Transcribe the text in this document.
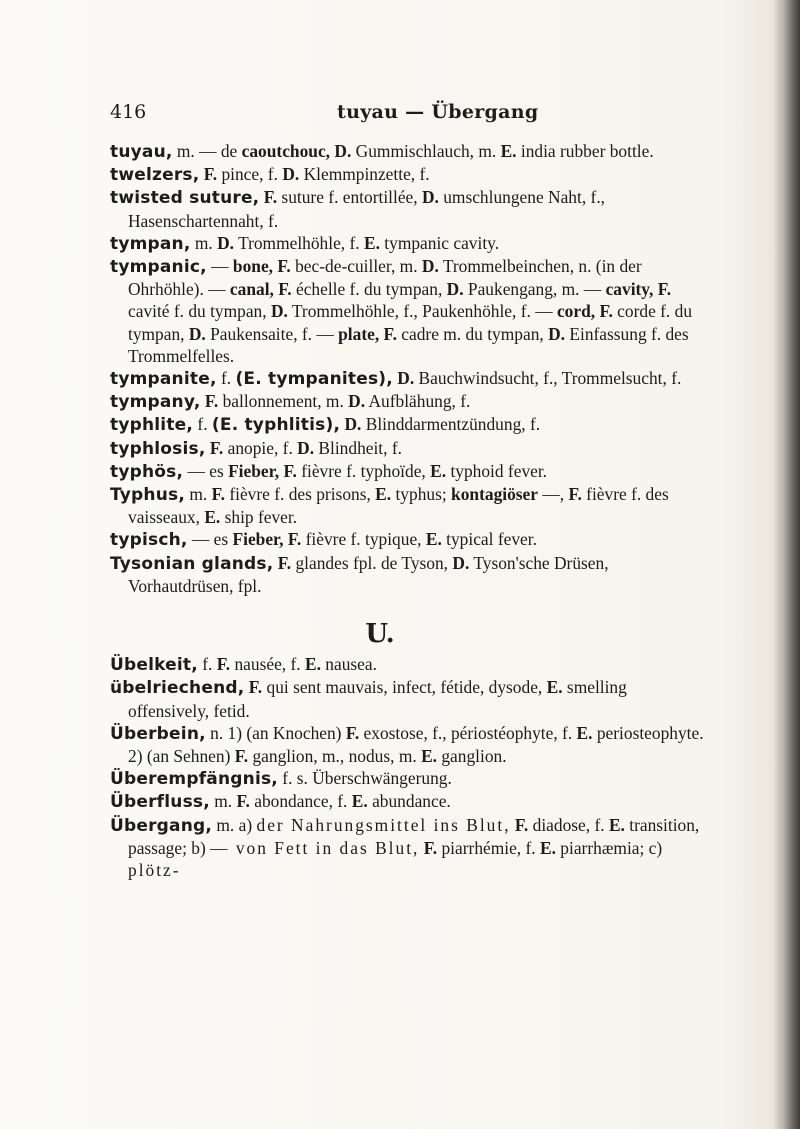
416	tuyau — Übergang
tuyau, m. — de caoutchouc, D. Gummischlauch, m. E. india rubber bottle.
twelzers, F. pince, f. D. Klemmpinzette, f.
twisted suture, F. suture f. entortillée, D. umschlungene Naht, f., Hasenschartennaht, f.
tympan, m. D. Trommelhöhle, f. E. tympanic cavity.
tympanic, — bone, F. bec-de-cuiller, m. D. Trommelbeinchen, n. (in der Ohrhöhle). — canal, F. échelle f. du tympan, D. Paukengang, m. — cavity, F. cavité f. du tympan, D. Trommelhöhle, f., Paukenhöhle, f. — cord, F. corde f. du tympan, D. Paukensaite, f. — plate, F. cadre m. du tympan, D. Einfassung f. des Trommelfelles.
tympanite, f. (E. tympanites), D. Bauchwindsucht, f., Trommelsucht, f.
tympany, F. ballonnement, m. D. Aufblähung, f.
typhlite, f. (E. typhlitis), D. Blinddarmentzündung, f.
typhlosis, F. anopie, f. D. Blindheit, f.
typhös, — es Fieber, F. fièvre f. typhoïde, E. typhoid fever.
Typhus, m. F. fièvre f. des prisons, E. typhus; kontagiöser —, F. fièvre f. des vaisseaux, E. ship fever.
typisch, — es Fieber, F. fièvre f. typique, E. typical fever.
Tysonian glands, F. glandes fpl. de Tyson, D. Tyson'sche Drüsen, Vorhautdrüsen, fpl.
U.
Übelkeit, f. F. nausée, f. E. nausea.
übelriechend, F. qui sent mauvais, infect, fétide, dysode, E. smelling offensively, fetid.
Überbein, n. 1) (an Knochen) F. exostose, f., périostéophyte, f. E. periosteophyte. 2) (an Sehnen) F. ganglion, m., nodus, m. E. ganglion.
Überempfängnis, f. s. Überschwängerung.
Überfluss, m. F. abondance, f. E. abundance.
Übergang, m. a) der Nahrungsmittel ins Blut, F. diadose, f. E. transition, passage; b) — von Fett in das Blut, F. piarrhémie, f. E. piarrhæmia; c) plötz-
